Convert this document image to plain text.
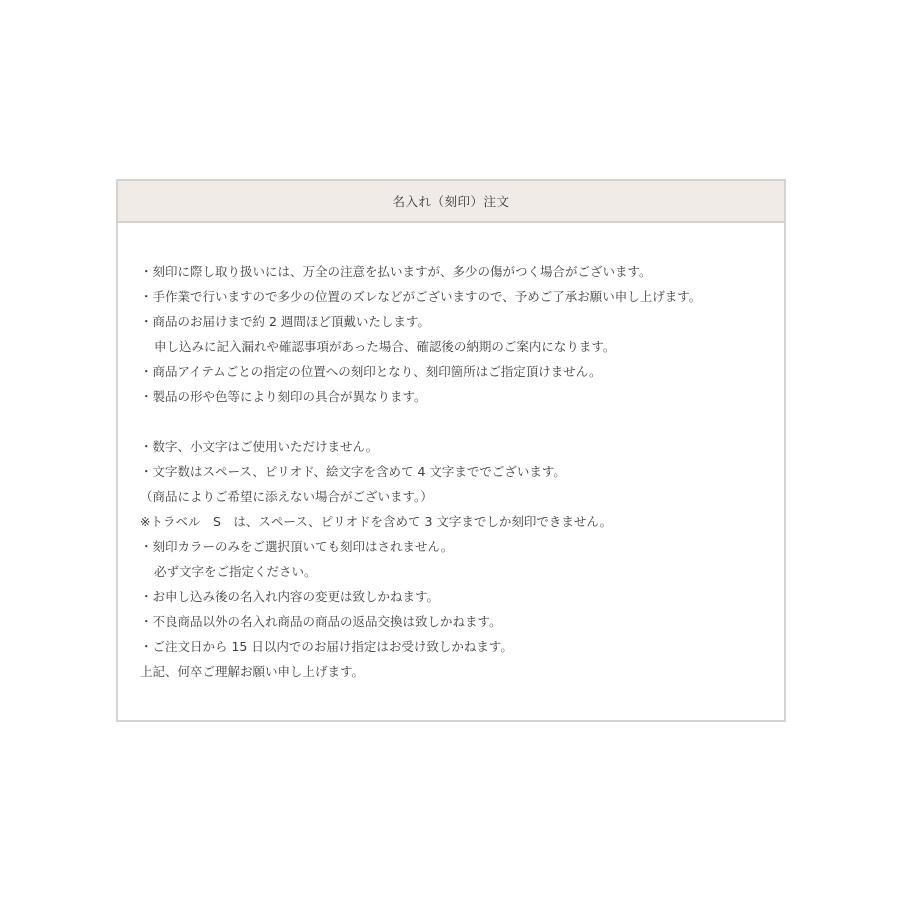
名入れ（刻印）注文
・刻印に際し取り扱いには、万全の注意を払いますが、多少の傷がつく場合がございます。
・手作業で行いますので多少の位置のズレなどがございますので、予めご了承お願い申し上げます。
・商品のお届けまで約 2 週間ほど頂戴いたします。
申し込みに記入漏れや確認事項があった場合、確認後の納期のご案内になります。
・商品アイテムごとの指定の位置への刻印となり、刻印箇所はご指定頂けません。
・製品の形や色等により刻印の具合が異なります。
・数字、小文字はご使用いただけません。
・文字数はスペース、ピリオド、絵文字を含めて 4 文字まででございます。
（商品によりご希望に添えない場合がございます。）
※トラベル　S　は、スペース、ピリオドを含めて 3 文字までしか刻印できません。
・刻印カラーのみをご選択頂いても刻印はされません。
必ず文字をご指定ください。
・お申し込み後の名入れ内容の変更は致しかねます。
・不良商品以外の名入れ商品の商品の返品交換は致しかねます。
・ご注文日から 15 日以内でのお届け指定はお受け致しかねます。
上記、何卒ご理解お願い申し上げます。
